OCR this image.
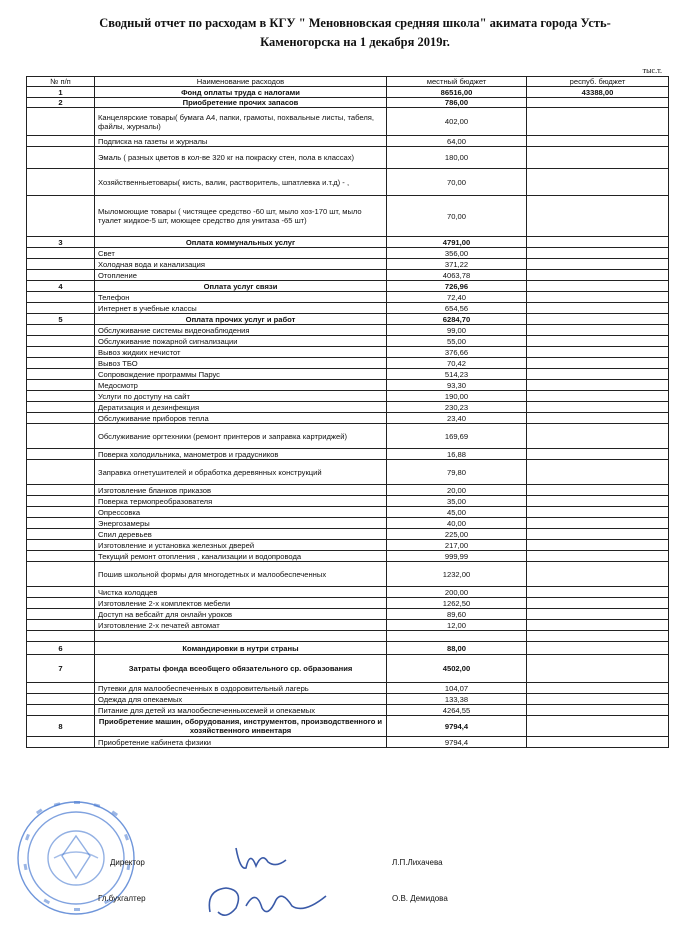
Сводный отчет по расходам в КГУ " Меновновская средняя школа" акимата города Усть-Каменогорска на 1 декабря 2019г.
тыс.т.
№ п/п	Наименование расходов	местный бюджет	респуб. бюджет
1	Фонд оплаты труда с налогами	86516,00	43388,00
2	Приобретение прочих запасов	786,00	
	Канцелярские товары( бумага А4, папки, грамоты, похвальные листы, табеля, файлы, журналы)	402,00	
	Подписка на газеты и журналы	64,00	
	Эмаль ( разных цветов в кол-ве 320 кг на покраску стен, пола в классах)	180,00	
	Хозяйственныетовары( кисть, валик, растворитель, шпатлевка и.т.д) - ,	70,00	
	Мыломоющие товары ( чистящее средство -60 шт, мыло хоз-170 шт, мыло туалет жидкое-5 шт, моющее средство для унитаза -65 шт)	70,00	
3	Оплата коммунальных услуг	4791,00	
	Свет	356,00	
	Холодная вода и канализация	371,22	
	Отопление	4063,78	
4	Оплата услуг связи	726,96	
	Телефон	72,40	
	Интернет в учебные классы	654,56	
5	Оплата прочих услуг и работ	6284,70	
	Обслуживание системы видеонаблюдения	99,00	
	Обслуживание пожарной сигнализации	55,00	
	Вывоз жидких нечистот	376,66	
	Вывоз ТБО	70,42	
	Сопровождение программы Парус	514,23	
	Медосмотр	93,30	
	Услуги по доступу на сайт	190,00	
	Дератизация и дезинфекция	230,23	
	Обслуживание приборов тепла	23,40	
	Обслуживание оргтехники (ремонт принтеров и заправка картриджей)	169,69	
	Поверка холодильника, манометров и градусников	16,88	
	Заправка огнетушителей и обработка деревянных конструкций	79,80	
	Изготовление бланков приказов	20,00	
	Поверка термопреобразователя	35,00	
	Опрессовка	45,00	
	Энергозамеры	40,00	
	Спил деревьев	225,00	
	Изготовление и установка железных дверей	217,00	
	Текущий ремонт отопления , канализации и водопровода	999,99	
	Пошив школьной формы для многодетных и малообеспеченных	1232,00	
	Чистка колодцев	200,00	
	Изготовление 2-х комплектов мебели	1262,50	
	Доступ на вебсайт для онлайн уроков	89,60	
	Изготовление 2-х печатей автомат	12,00	

6	Командировки в нутри страны	88,00	
7	Затраты фонда всеобщего обязательного ср. образования	4502,00	
	Путевки для малообеспеченных в оздоровительный лагерь	104,07	
	Одежда для опекаемых	133,38	
	Питание для детей из малообеспеченныхсемей и опекаемых	4264,55	
8	Приобретение машин, оборудования, инструментов, производственного и хозяйственного инвентаря	9794,4	
	Приобретение кабинета физики	9794,4	
Директор	Л.П.Лихачева
Гл.бухгалтер	О.В. Демидова
